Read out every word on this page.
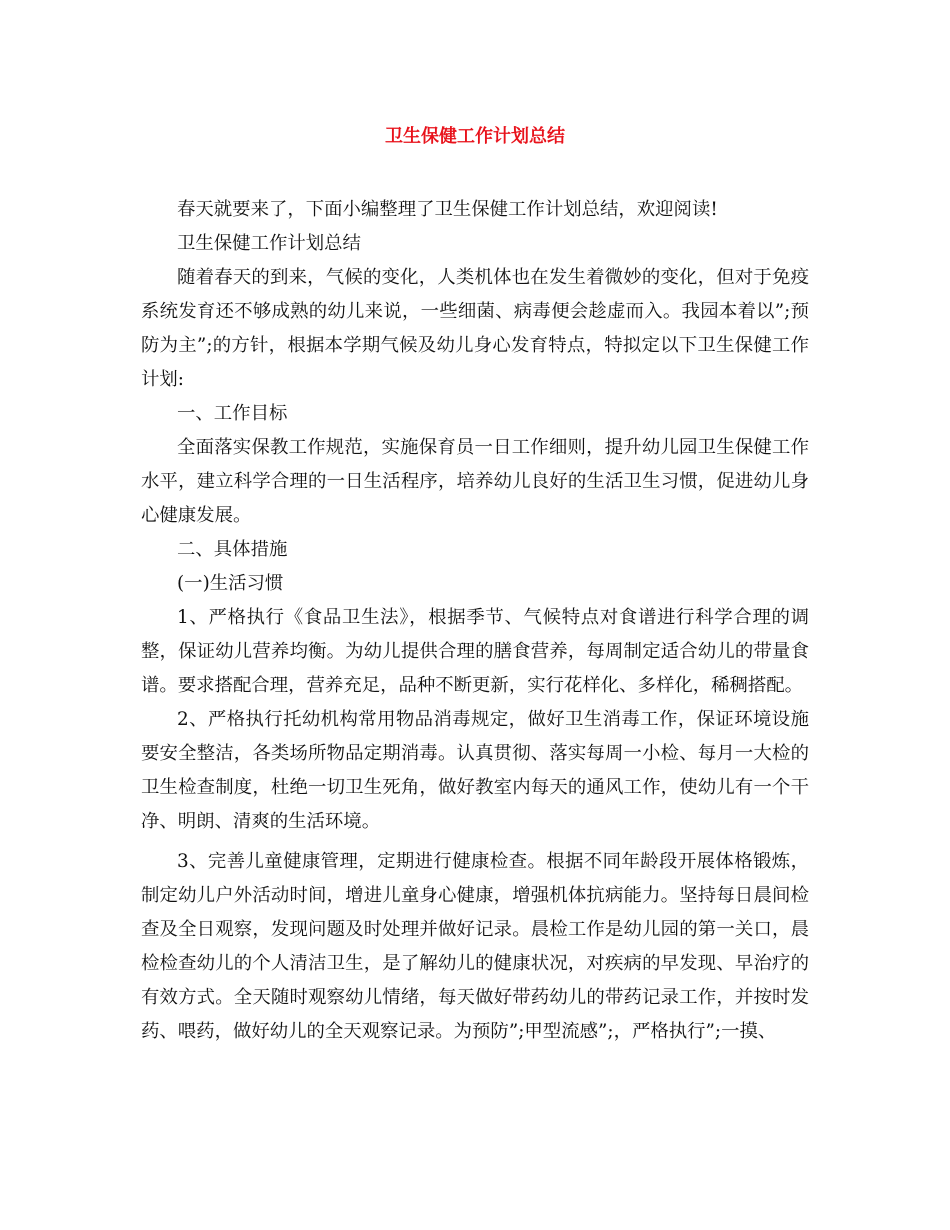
卫生保健工作计划总结

春天就要来了，下面小编整理了卫生保健工作计划总结，欢迎阅读!

卫生保健工作计划总结

随着春天的到来，气候的变化，人类机体也在发生着微妙的变化，但对于免疫系统发育还不够成熟的幼儿来说，一些细菌、病毒便会趁虚而入。我园本着以”;预防为主”;的方针，根据本学期气候及幼儿身心发育特点，特拟定以下卫生保健工作计划:

一、工作目标

全面落实保教工作规范，实施保育员一日工作细则，提升幼儿园卫生保健工作水平，建立科学合理的一日生活程序，培养幼儿良好的生活卫生习惯，促进幼儿身心健康发展。

二、具体措施

(一)生活习惯

1、严格执行《食品卫生法》，根据季节、气候特点对食谱进行科学合理的调整，保证幼儿营养均衡。为幼儿提供合理的膳食营养，每周制定适合幼儿的带量食谱。要求搭配合理，营养充足，品种不断更新，实行花样化、多样化，稀稠搭配。

2、严格执行托幼机构常用物品消毒规定，做好卫生消毒工作，保证环境设施要安全整洁，各类场所物品定期消毒。认真贯彻、落实每周一小检、每月一大检的卫生检查制度，杜绝一切卫生死角，做好教室内每天的通风工作，使幼儿有一个干净、明朗、清爽的生活环境。

3、完善儿童健康管理，定期进行健康检查。根据不同年龄段开展体格锻炼，制定幼儿户外活动时间，增进儿童身心健康，增强机体抗病能力。坚持每日晨间检查及全日观察，发现问题及时处理并做好记录。晨检工作是幼儿园的第一关口，晨检检查幼儿的个人清洁卫生，是了解幼儿的健康状况，对疾病的早发现、早治疗的有效方式。全天随时观察幼儿情绪，每天做好带药幼儿的带药记录工作，并按时发药、喂药，做好幼儿的全天观察记录。为预防”;甲型流感”;，严格执行”;一摸、
